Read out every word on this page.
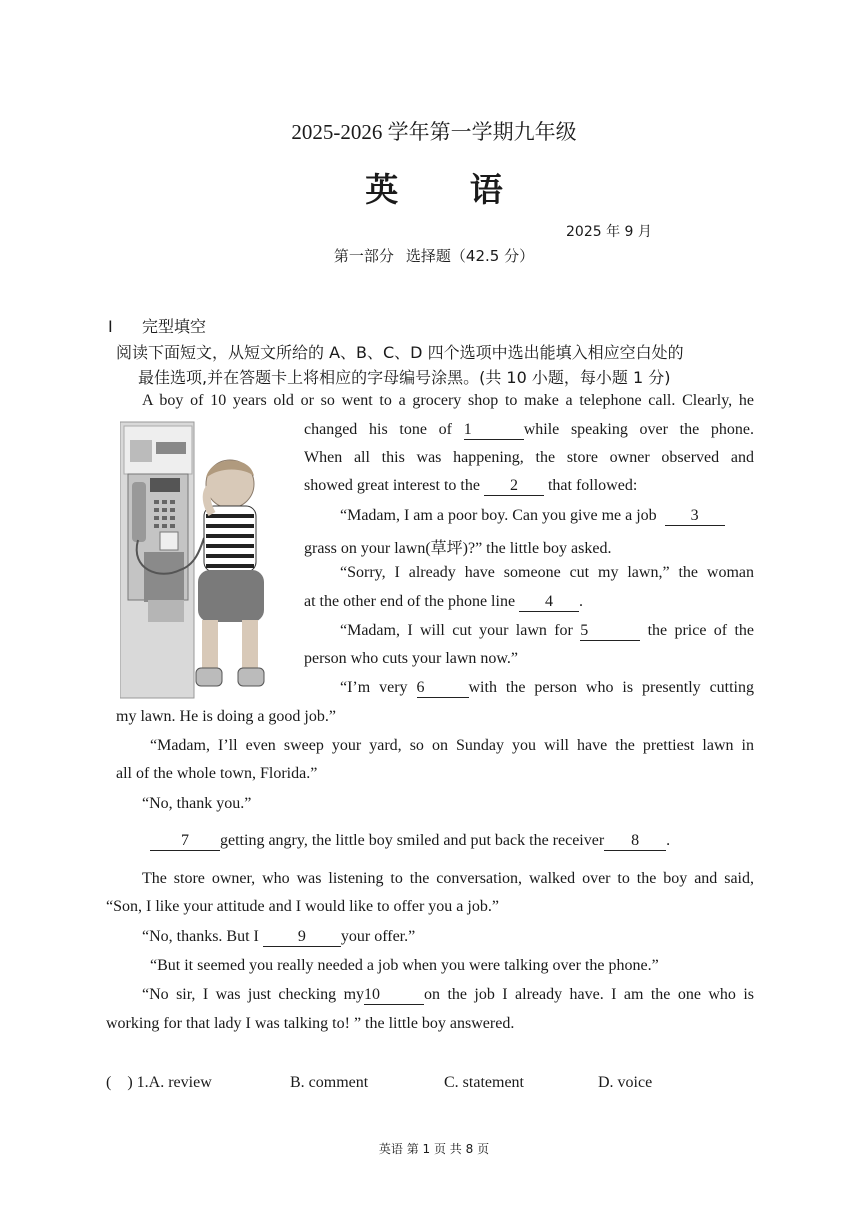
2025-2026 学年第一学期九年级
英 语
2025 年 9 月
第一部分 选择题（42.5 分）
I 完型填空
阅读下面短文，从短文所给的 A、B、C、D 四个选项中选出能填入相应空白处的
最佳选项,并在答题卡上将相应的字母编号涂黑。(共 10 小题，每小题 1 分)
A boy of 10 years old or so went to a grocery shop to make a telephone call. Clearly, he
changed his tone of 1	while speaking over the phone.
When all this was happening, the store owner observed and
showed great interest to the 2 that followed:
“Madam, I am a poor boy. Can you give me a job 3
grass on your lawn(草坪)?” the little boy asked.
“Sorry, I already have someone cut my lawn,” the woman
at the other end of the phone line 4 .
“Madam, I will cut your lawn for 5	the price of the
person who cuts your lawn now.”
“I’m very 6	with the person who is presently cutting
my lawn. He is doing a good job.”
“Madam, I’ll even sweep your yard, so on Sunday you will have the prettiest lawn in
all of the whole town, Florida.”
“No, thank you.”
7 getting angry, the little boy smiled and put back the receiver 8 .
The store owner, who was listening to the conversation, walked over to the boy and said,
“Son, I like your attitude and I would like to offer you a job.”
“No, thanks. But I 9 your offer.”
“But it seemed you really needed a job when you were talking over the phone.”
“No sir, I was just checking my10	on the job I already have. I am the one who is
working for that lady I was talking to! ” the little boy answered.
(    ) 1.A. review	B. comment	C. statement	D. voice
英语 第 1 页 共 8 页
